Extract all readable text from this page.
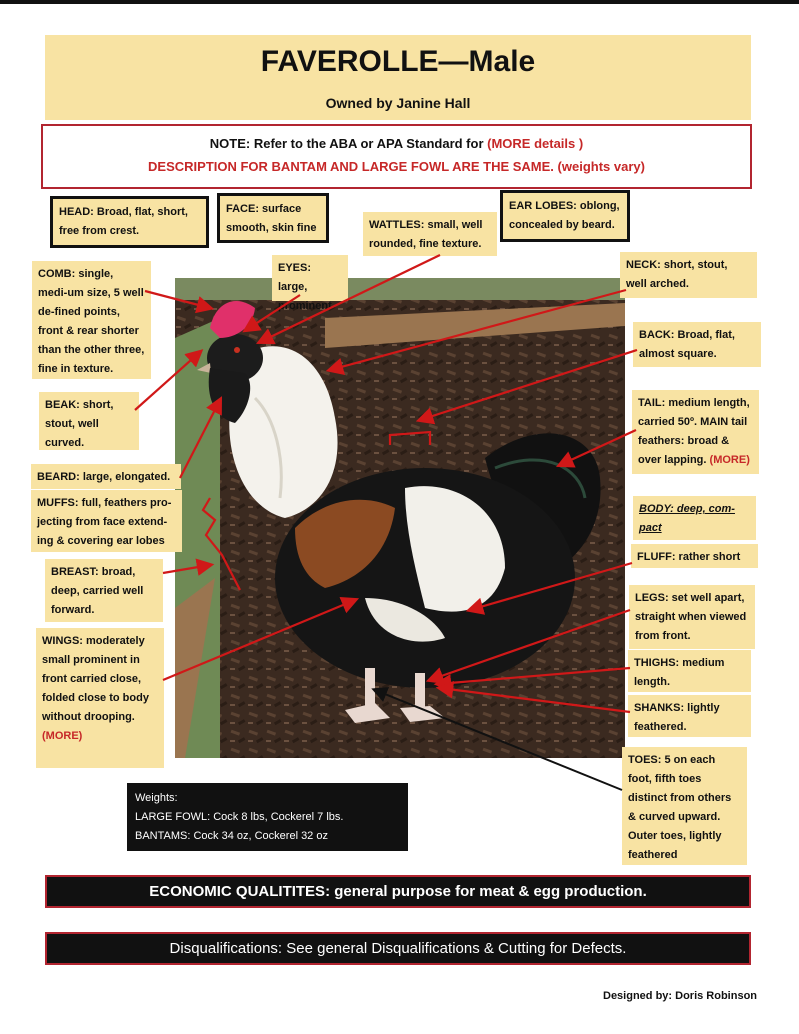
FAVEROLLE—Male
Owned by Janine Hall
NOTE: Refer to the ABA or APA Standard for (MORE details )
DESCRIPTION FOR BANTAM AND LARGE FOWL ARE THE SAME. (weights vary)
HEAD: Broad, flat, short, free from crest.
FACE: surface smooth, skin fine	WATTLES: small, well rounded, fine texture.
EAR LOBES: oblong, concealed by beard.
COMB: single, medi-um size, 5 well de-fined points, front & rear shorter than the other three, fine in texture.
EYES: large, prominent
NECK: short, stout, well arched.
BACK: Broad, flat, almost square.
BEAK: short, stout, well curved.
TAIL: medium length, carried 50º. MAIN tail feathers: broad & over lapping. (MORE)
BEARD: large, elongated.
MUFFS: full, feathers pro-jecting from face extend-ing & covering ear lobes
BODY: deep, com-pact
FLUFF: rather short
BREAST: broad, deep, carried well forward.
LEGS: set well apart, straight when viewed from front.
WINGS: moderately small prominent in front carried close, folded close to body without drooping. (MORE)
THIGHS: medium length.
SHANKS: lightly feathered.
TOES: 5 on each foot, fifth toes distinct from others & curved upward.
Outer toes, lightly feathered
Weights:
LARGE FOWL: Cock 8 lbs, Cockerel 7 lbs.
BANTAMS: Cock 34 oz, Cockerel 32 oz
ECONOMIC QUALITITES: general purpose for meat & egg production.
Disqualifications: See general Disqualifications & Cutting for Defects.
Designed by: Doris Robinson
